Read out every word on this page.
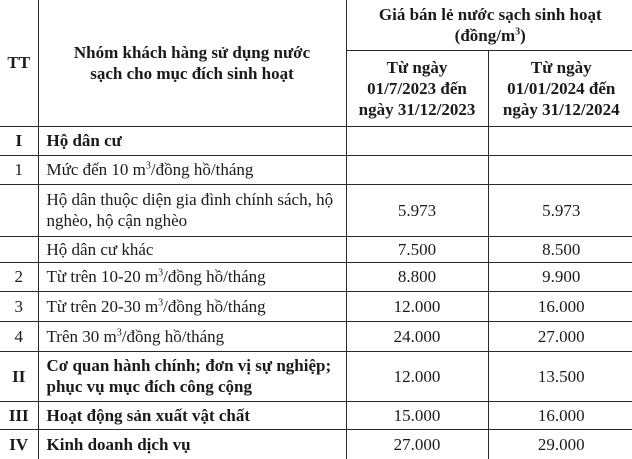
TT	Nhóm khách hàng sử dụng nước sạch cho mục đích sinh hoạt	Giá bán lẻ nước sạch sinh hoạt
$(đồng/m^3)$	
		Từ ngày 01/7/2023 đến ngày 31/12/2023	Từ ngày 01/01/2024 đến ngày 31/12/2024
I	Hộ dân cư		
1	Mức đến 10 $m^3$/đồng hồ/tháng		
	Hộ dân thuộc diện gia đình chính sách, hộ nghèo, hộ cận nghèo	5.973	5.973
	Hộ dân cư khác	7.500	8.500
2	Từ trên 10-20 $m^3$/đồng hồ/tháng	8.800	9.900
3	Từ trên 20-30 $m^3$/đồng hồ/tháng	12.000	16.000
4	Trên 30 $m^3$/đồng hồ/tháng	24.000	27.000
II	Cơ quan hành chính; đơn vị sự nghiệp; phục vụ mục đích công cộng	12.000	13.500
III	Hoạt động sản xuất vật chất	15.000	16.000
IV	Kinh doanh dịch vụ	27.000	29.000
